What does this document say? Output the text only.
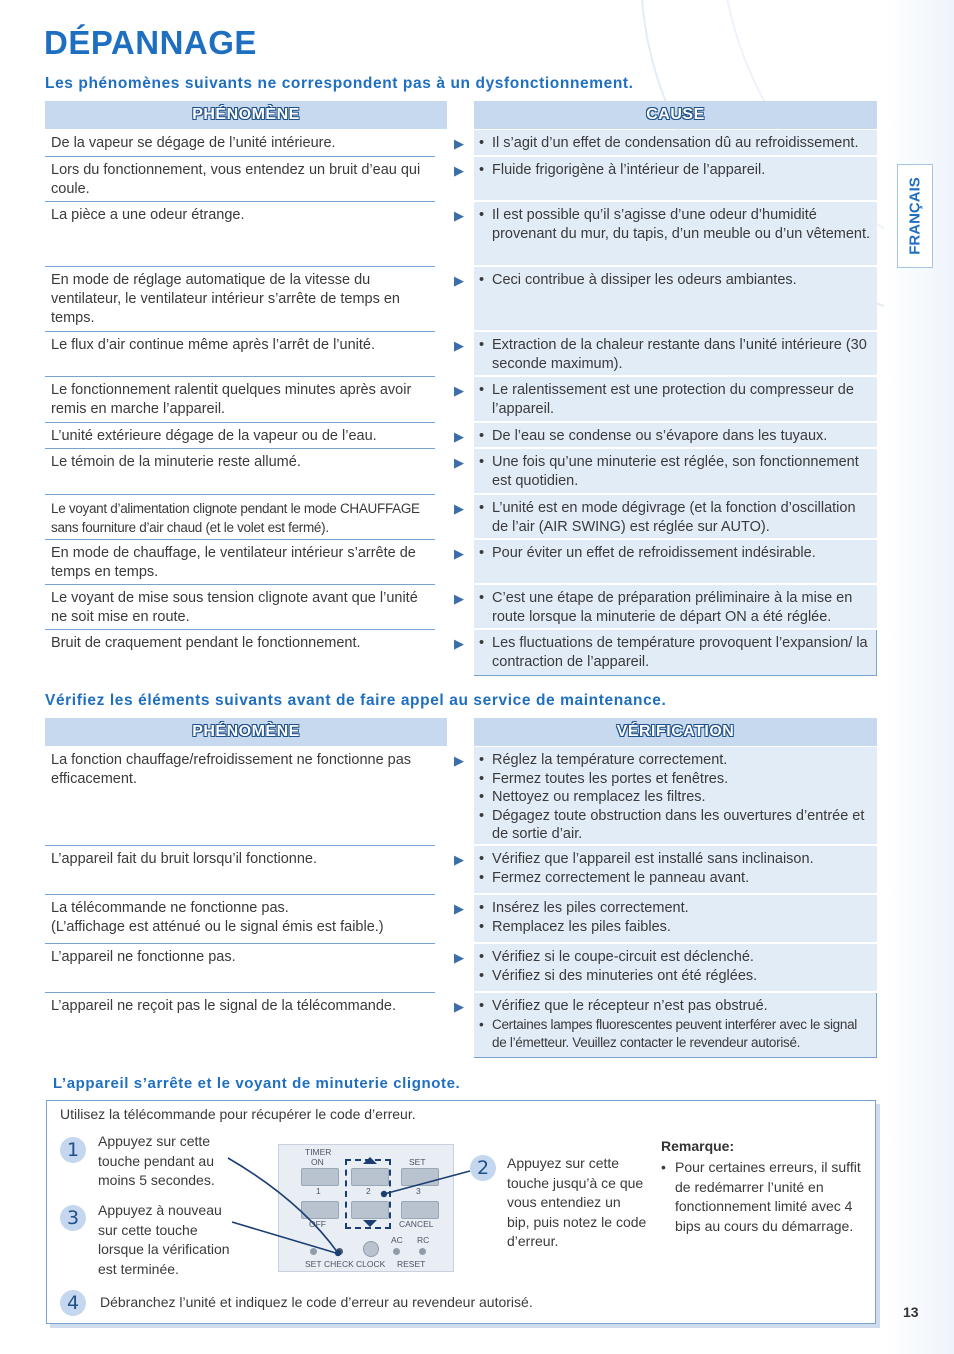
DÉPANNAGE
FRANÇAIS
Les phénomènes suivants ne correspondent pas à un dysfonctionnement.
PHÉNOMÈNE	CAUSE
De la vapeur se dégage de l’unité intérieure.	▶ • Il s’agit d’un effet de condensation dû au refroidissement.

Lors du fonctionnement, vous entendez un bruit d’eau qui coule.
▶ • Fluide frigorigène à l’intérieur de l’appareil.

La pièce a une odeur étrange.	▶ • Il est possible qu’il s’agisse d’une odeur d’humidité provenant du mur, du tapis, d’un meuble ou d’un vêtement.

En mode de réglage automatique de la vitesse du ventilateur, le ventilateur intérieur s’arrête de temps en temps.
▶ • Ceci contribue à dissiper les odeurs ambiantes.

Le flux d’air continue même après l’arrêt de l’unité.	▶ • Extraction de la chaleur restante dans l’unité intérieure (30 seconde maximum).

Le fonctionnement ralentit quelques minutes après avoir remis en marche l’appareil.
▶ • Le ralentissement est une protection du compresseur de l’appareil.

L’unité extérieure dégage de la vapeur ou de l’eau.	▶ • De l’eau se condense ou s’évapore dans les tuyaux.

Le témoin de la minuterie reste allumé.	▶ • Une fois qu’une minuterie est réglée, son fonctionnement est quotidien.

Le voyant d’alimentation clignote pendant le mode CHAUFFAGE sans fourniture d’air chaud (et le volet est fermé).
▶ • L’unité est en mode dégivrage (et la fonction d’oscillation de l’air (AIR SWING) est réglée sur AUTO).

En mode de chauffage, le ventilateur intérieur s’arrête de temps en temps.
▶ • Pour éviter un effet de refroidissement indésirable.

Le voyant de mise sous tension clignote avant que l’unité ne soit mise en route.
▶ • C’est une étape de préparation préliminaire à la mise en route lorsque la minuterie de départ ON a été réglée.

Bruit de craquement pendant le fonctionnement.	▶ • Les fluctuations de température provoquent l’expansion/ la contraction de l’appareil.

Vérifiez les éléments suivants avant de faire appel au service de maintenance.
PHÉNOMÈNE	VÉRIFICATION
La fonction chauffage/refroidissement ne fonctionne pas efficacement.
▶ • Réglez la température correctement.

• Fermez toutes les portes et fenêtres.

• Nettoyez ou remplacez les filtres.

• Dégagez toute obstruction dans les ouvertures d’entrée et de sortie d’air.

L’appareil fait du bruit lorsqu’il fonctionne.	▶ • Vérifiez que l’appareil est installé sans inclinaison.

• Fermez correctement le panneau avant.

La télécommande ne fonctionne pas.
(L’affichage est atténué ou le signal émis est faible.)
▶ • Insérez les piles correctement.

• Remplacez les piles faibles.

L’appareil ne fonctionne pas.	▶ • Vérifiez si le coupe-circuit est déclenché.

• Vérifiez si des minuteries ont été réglées.

L’appareil ne reçoit pas le signal de la télécommande.	▶ • Vérifiez que le récepteur n’est pas obstrué.

• Certaines lampes fluorescentes peuvent interférer avec le signal de l’émetteur. Veuillez contacter le revendeur autorisé.

L’appareil s’arrête et le voyant de minuterie clignote.
Utilisez la télécommande pour récupérer le code d’erreur.
1	Appuyez sur cette touche pendant au moins 5 secondes.
3	Appuyez à nouveau sur cette touche lorsque la vérification est terminée.
2	Appuyez sur cette touche jusqu’à ce que vous entendiez un bip, puis notez le code d’erreur.
4	Débranchez l’unité et indiquez le code d’erreur au revendeur autorisé.
Remarque:
• Pour certaines erreurs, il suffit de redémarrer l’unité en fonctionnement limité avec 4 bips au cours du démarrage.
TIMER
ON	SET
1	2	3
OFF	CANCEL
AC RC
SET CHECK CLOCK RESET
13
